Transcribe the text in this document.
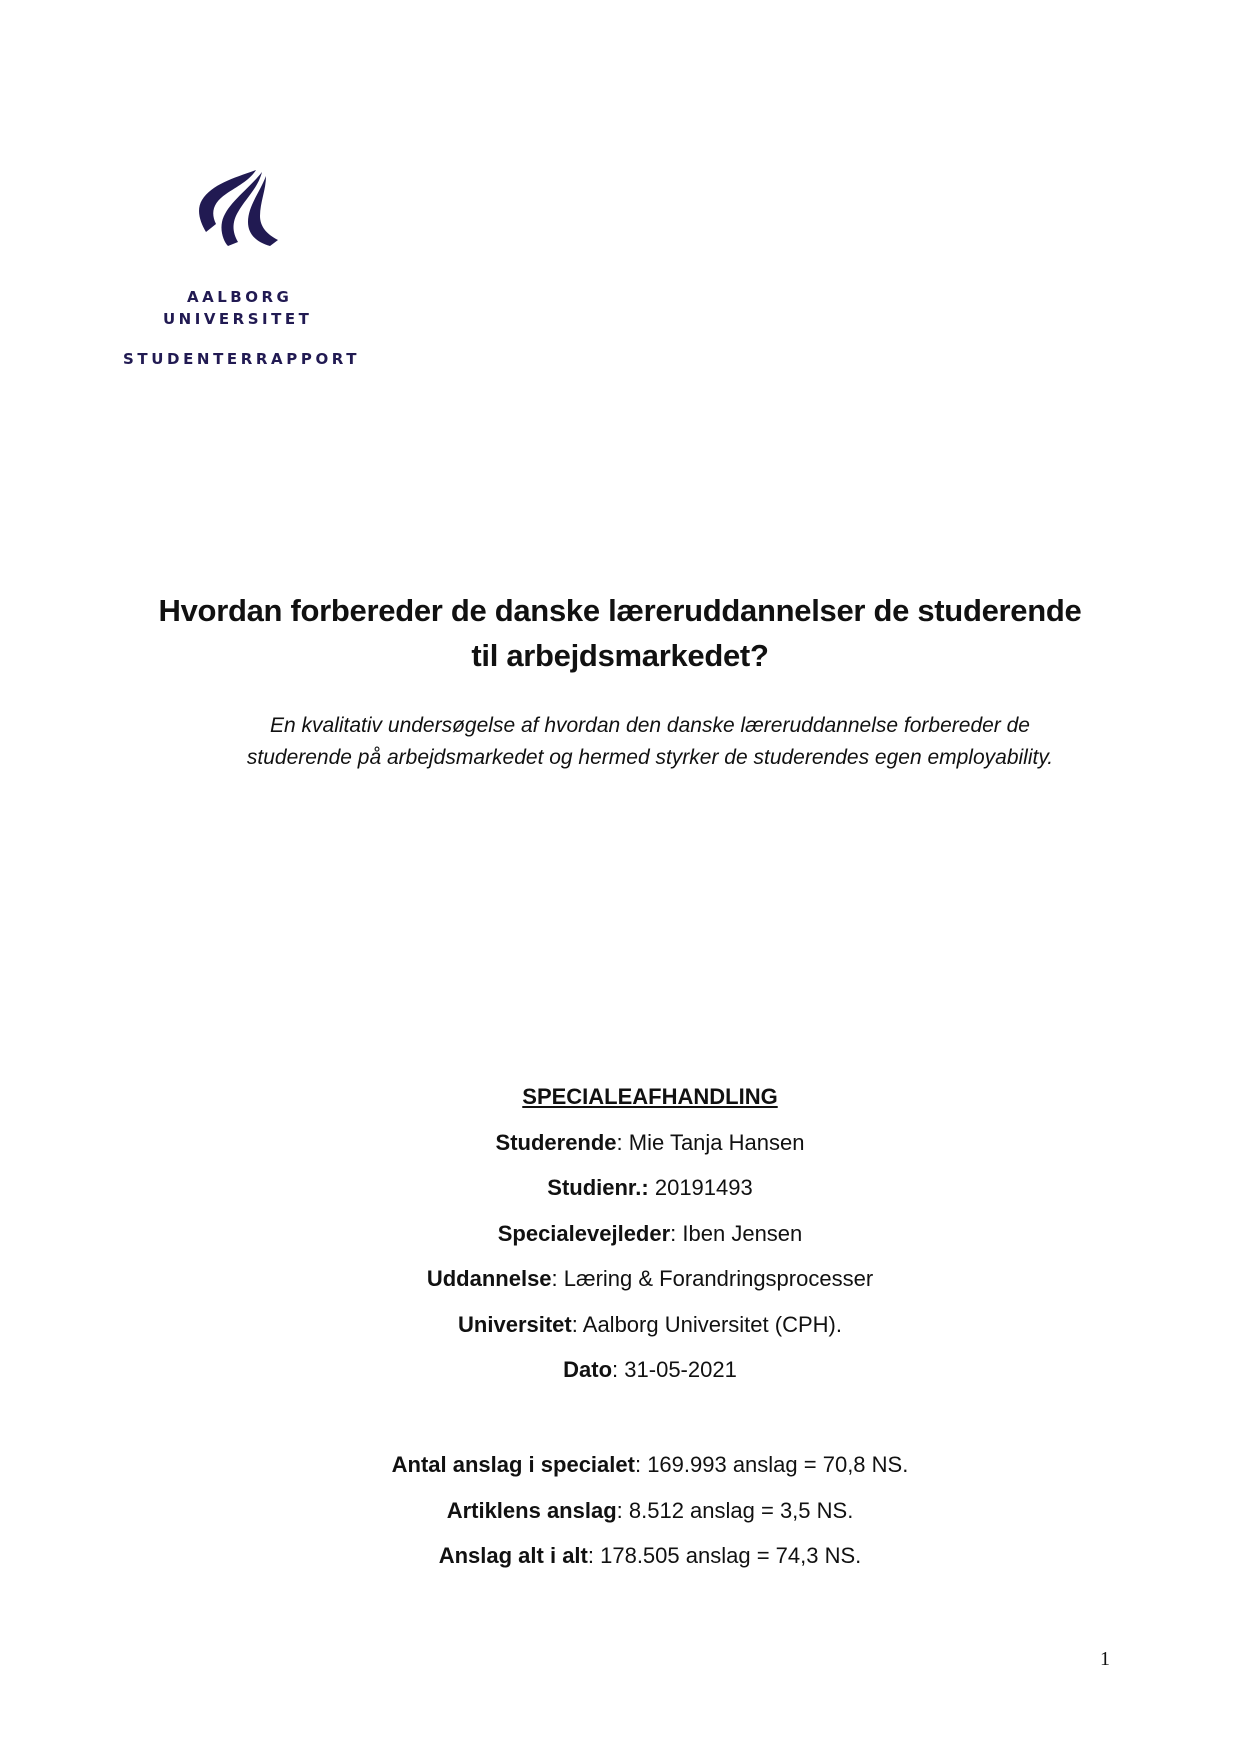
AALBORG
UNIVERSITET
STUDENTERRAPPORT
Hvordan forbereder de danske læreruddannelser de studerende
til arbejdsmarkedet?
En kvalitativ undersøgelse af hvordan den danske læreruddannelse forbereder de
studerende på arbejdsmarkedet og hermed styrker de studerendes egen employability.
SPECIALEAFHANDLING
Studerende: Mie Tanja Hansen
Studienr.: 20191493
Specialevejleder: Iben Jensen
Uddannelse: Læring & Forandringsprocesser
Universitet: Aalborg Universitet (CPH).
Dato: 31-05-2021
Antal anslag i specialet: 169.993 anslag = 70,8 NS.
Artiklens anslag: 8.512 anslag = 3,5 NS.
Anslag alt i alt: 178.505 anslag = 74,3 NS.
1
